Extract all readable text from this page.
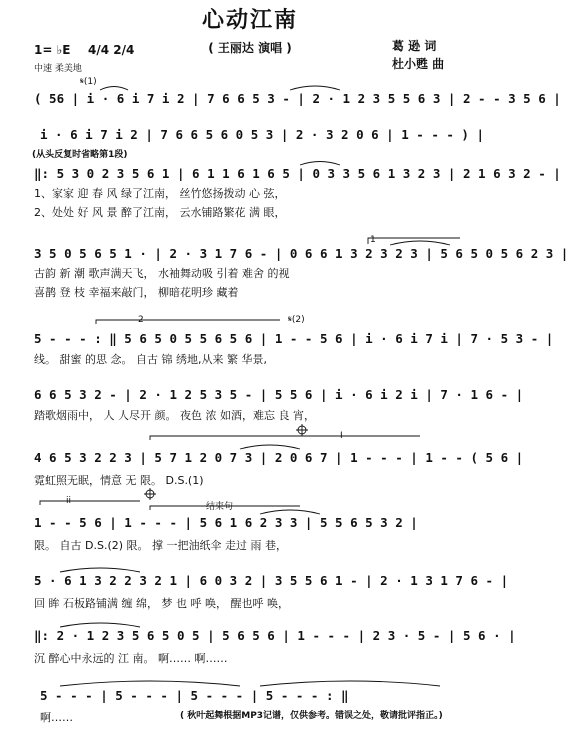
心动江南
( 王丽达 演唱 )	葛 逊 词
杜小甦 曲
1= ♭E 4/4 2/4
中速 柔美地
𝄋(1)
( 56 | i · 6 i 7 i 2 | 7 6 6 5 3 - | 2 · 1 2 3 5 5 6 3 | 2 - - 3 5 6 |
i · 6 i 7 i 2 | 7 6 6 5 6 0 5 3 | 2 · 3 2 0 6 | 1 - - - ) |
(从头反复时省略第1段)
‖: 5 3 0 2 3 5 6 1 | 6 1 1 6 1 6 5 | 0 3 3 5 6 1 3 2 3 | 2 1 6 3 2 - |
1、家家 迎 春 风 绿了江南， 丝竹悠扬拨动 心 弦，
2、处处 好 风 景 醉了江南， 云水铺路繁花 满 眼，
1
3 5 0 5 6 5 1 · | 2 · 3 1 7 6 - | 0 6 6 1 3 2 3 2 3 | 5 6 5 0 5 6 2 3 |
古韵 新 潮 歌声满天飞， 水袖舞动吸 引着 难舍 的视
喜鹊 登 枝 幸福来敲门， 柳暗花明珍 藏着
2	𝄋(2)
5 - - - : ‖ 5 6 5 0 5 5 6 5 6 | 1 - - 5 6 | i · 6 i 7 i | 7 · 5 3 - |
线。 甜蜜 的思 念。 自古 锦 绣地,从来 繁 华景,
6 6 5 3 2 - | 2 · 1 2 5 3 5 - | 5 5 6 | i · 6 i 2 i | 7 · 1 6 - |
踏歌烟雨中， 人 人尽开 颜。 夜色 浓 如酒，难忘 良 宵，
I
4 6 5 3 2 2 3 | 5 7 1 2 0 7 3 | 2 0 6 7 | 1 - - - | 1 - - ( 5 6 |
霓虹照无眠，情意 无 限。 D.S.(1)
ii
结束句
1 - - 5 6 | 1 - - - | 5 6 1 6 2 3 3 | 5 5 6 5 3 2 |
限。 自古 D.S.(2) 限。 撑 一把油纸伞 走过 雨 巷，
5 · 6 1 3 2 2 3 2 1 | 6 0 3 2 | 3 5 5 6 1 - | 2 · 1 3 1 7 6 - |
回 眸 石板路铺满 缠 绵， 梦 也 呼 唤， 醒也呼 唤，
‖: 2 · 1 2 3 5 6 5 0 5 | 5 6 5 6 | 1 - - - | 2 3 · 5 - | 5 6 · |
沉 醉心中永远的 江 南。 啊…… 啊……
5 - - - | 5 - - - | 5 - - - | 5 - - - : ‖
啊……	( 秋叶起舞根据MP3记谱，仅供参考。错误之处，敬请批评指正。)
